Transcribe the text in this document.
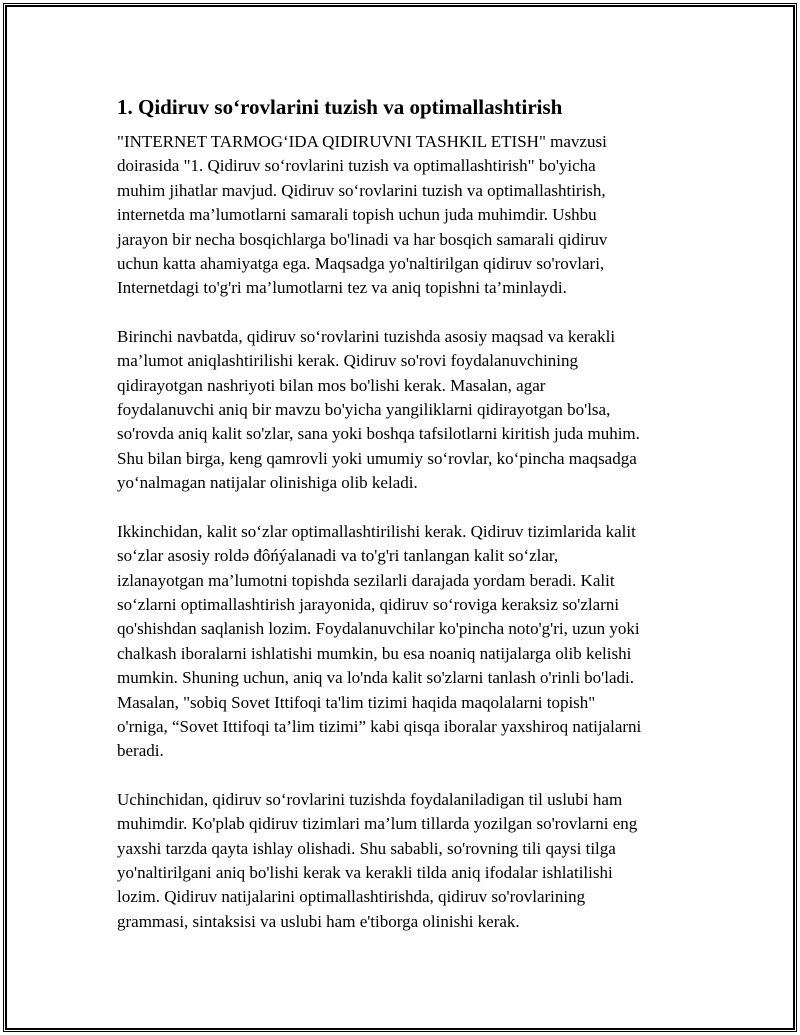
1. Qidiruv so‘rovlarini tuzish va optimallashtirish

"INTERNET TARMOG‘IDA QIDIRUVNI TASHKIL ETISH" mavzusi
doirasida "1. Qidiruv so‘rovlarini tuzish va optimallashtirish" bo'yicha
muhim jihatlar mavjud. Qidiruv so‘rovlarini tuzish va optimallashtirish,
internetda ma’lumotlarni samarali topish uchun juda muhimdir. Ushbu
jarayon bir necha bosqichlarga bo'linadi va har bosqich samarali qidiruv
uchun katta ahamiyatga ega. Maqsadga yo'naltirilgan qidiruv so'rovlari,
Internetdagi to'g'ri ma’lumotlarni tez va aniq topishni ta’minlaydi.

Birinchi navbatda, qidiruv so‘rovlarini tuzishda asosiy maqsad va kerakli
ma’lumot aniqlashtirilishi kerak. Qidiruv so'rovi foydalanuvchining
qidirayotgan nashriyoti bilan mos bo'lishi kerak. Masalan, agar
foydalanuvchi aniq bir mavzu bo'yicha yangiliklarni qidirayotgan bo'lsa,
so'rovda aniq kalit so'zlar, sana yoki boshqa tafsilotlarni kiritish juda muhim.
Shu bilan birga, keng qamrovli yoki umumiy so‘rovlar, ko‘pincha maqsadga
yo‘nalmagan natijalar olinishiga olib keladi.

Ikkinchidan, kalit so‘zlar optimallashtirilishi kerak. Qidiruv tizimlarida kalit
so‘zlar asosiy roldə đôńýalanadi va to'g'ri tanlangan kalit so‘zlar,
izlanayotgan ma’lumotni topishda sezilarli darajada yordam beradi. Kalit
so‘zlarni optimallashtirish jarayonida, qidiruv so‘roviga keraksiz so'zlarni
qo'shishdan saqlanish lozim. Foydalanuvchilar ko'pincha noto'g'ri, uzun yoki
chalkash iboralarni ishlatishi mumkin, bu esa noaniq natijalarga olib kelishi
mumkin. Shuning uchun, aniq va lo'nda kalit so'zlarni tanlash o'rinli bo'ladi.
Masalan, "sobiq Sovet Ittifoqi ta'lim tizimi haqida maqolalarni topish"
o'rniga, “Sovet Ittifoqi ta’lim tizimi” kabi qisqa iboralar yaxshiroq natijalarni
beradi.

Uchinchidan, qidiruv so‘rovlarini tuzishda foydalaniladigan til uslubi ham
muhimdir. Ko'plab qidiruv tizimlari ma’lum tillarda yozilgan so'rovlarni eng
yaxshi tarzda qayta ishlay olishadi. Shu sababli, so'rovning tili qaysi tilga
yo'naltirilgani aniq bo'lishi kerak va kerakli tilda aniq ifodalar ishlatilishi
lozim. Qidiruv natijalarini optimallashtirishda, qidiruv so'rovlarining
grammasi, sintaksisi va uslubi ham e'tiborga olinishi kerak.
